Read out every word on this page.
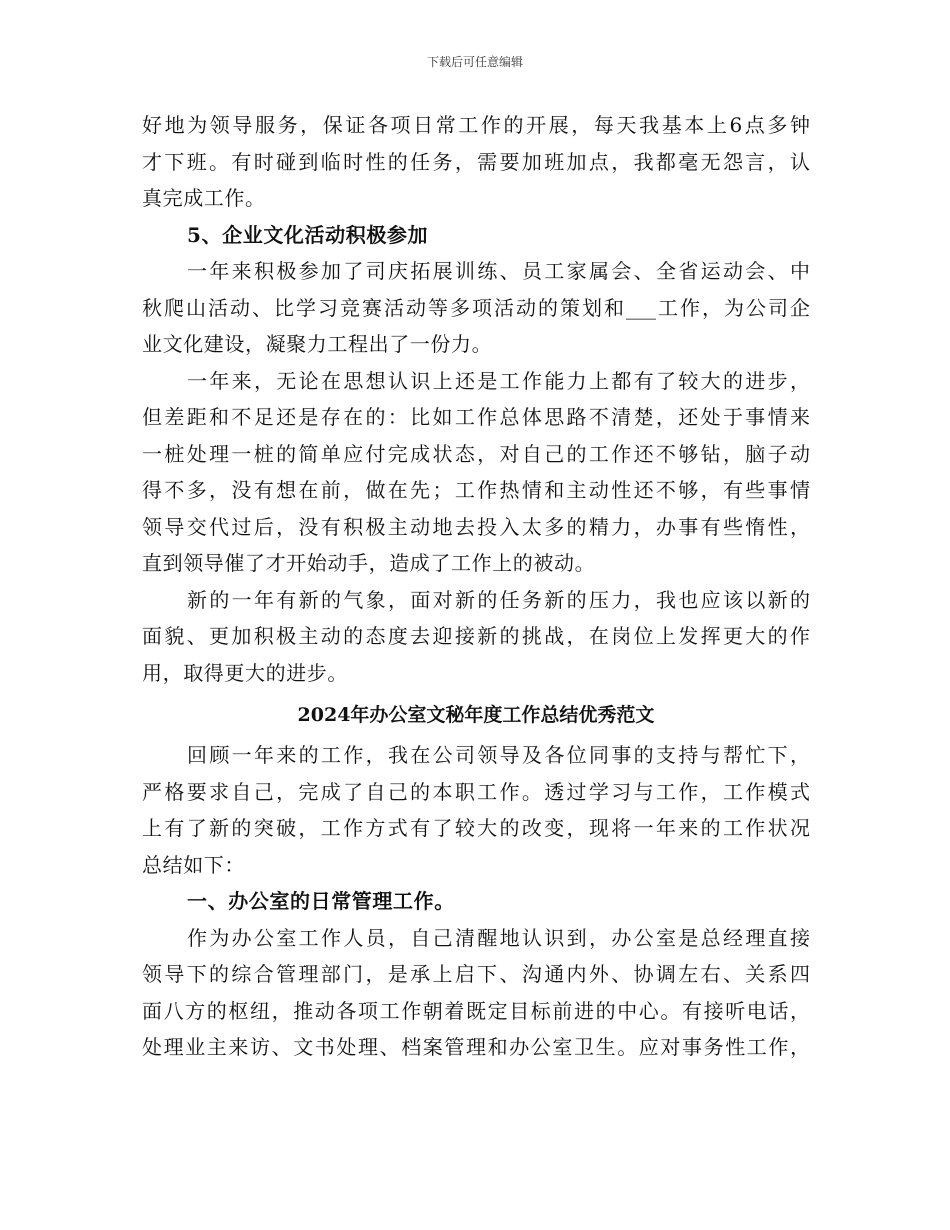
下载后可任意编辑
好地为领导服务，保证各项日常工作的开展，每天我基本上6点多钟
才下班。有时碰到临时性的任务，需要加班加点，我都毫无怨言，认
真完成工作。
5、企业文化活动积极参加
一年来积极参加了司庆拓展训练、员工家属会、全省运动会、中
秋爬山活动、比学习竞赛活动等多项活动的策划和___工作，为公司企
业文化建设，凝聚力工程出了一份力。
一年来，无论在思想认识上还是工作能力上都有了较大的进步，
但差距和不足还是存在的：比如工作总体思路不清楚，还处于事情来
一桩处理一桩的简单应付完成状态，对自己的工作还不够钻，脑子动
得不多，没有想在前，做在先；工作热情和主动性还不够，有些事情
领导交代过后，没有积极主动地去投入太多的精力，办事有些惰性，
直到领导催了才开始动手，造成了工作上的被动。
新的一年有新的气象，面对新的任务新的压力，我也应该以新的
面貌、更加积极主动的态度去迎接新的挑战，在岗位上发挥更大的作
用，取得更大的进步。
2024年办公室文秘年度工作总结优秀范文
回顾一年来的工作，我在公司领导及各位同事的支持与帮忙下，
严格要求自己，完成了自己的本职工作。透过学习与工作，工作模式
上有了新的突破，工作方式有了较大的改变，现将一年来的工作状况
总结如下：
一、办公室的日常管理工作。
作为办公室工作人员，自己清醒地认识到，办公室是总经理直接
领导下的综合管理部门，是承上启下、沟通内外、协调左右、关系四
面八方的枢纽，推动各项工作朝着既定目标前进的中心。有接听电话，
处理业主来访、文书处理、档案管理和办公室卫生。应对事务性工作，
